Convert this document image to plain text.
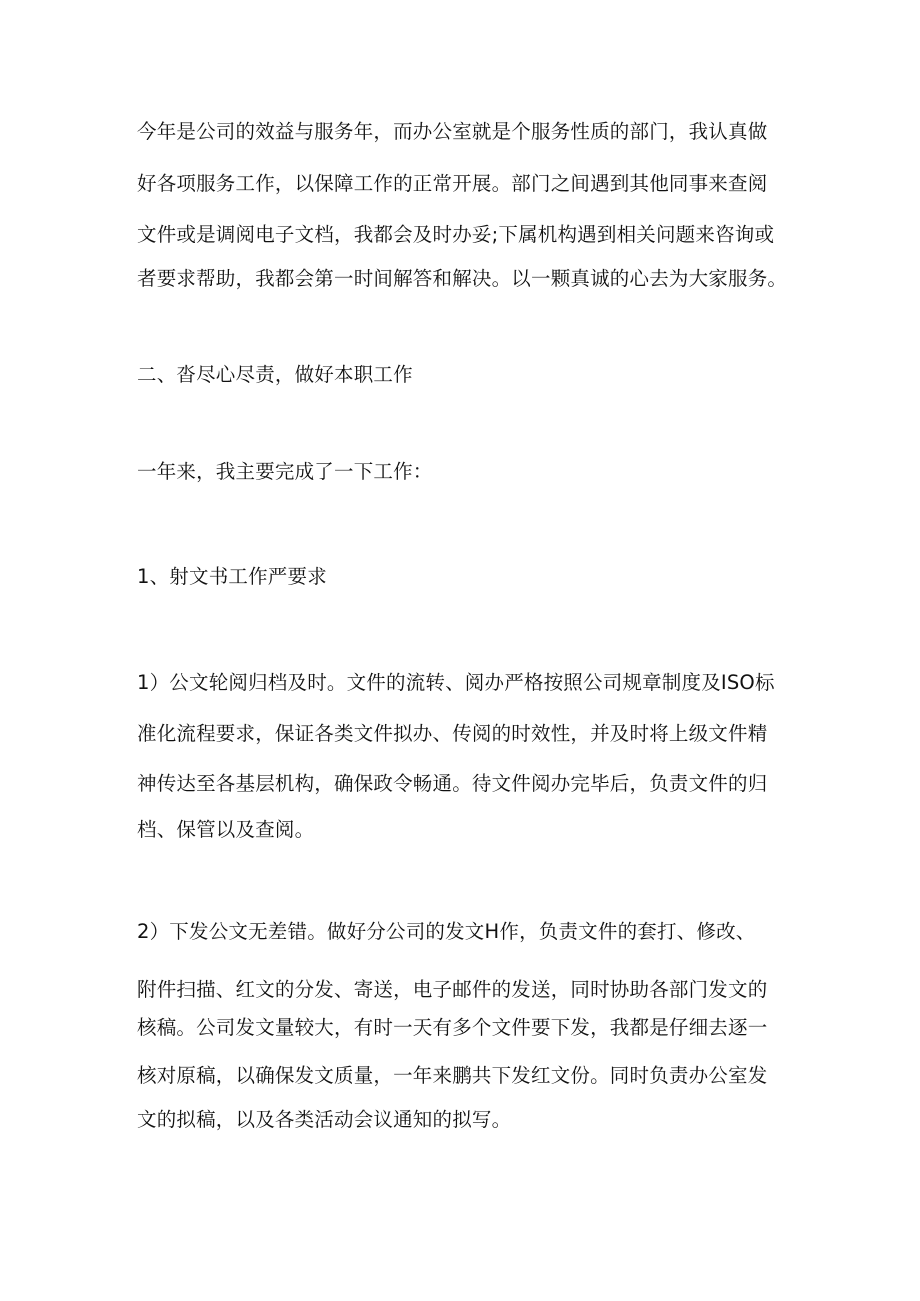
今年是公司的效益与服务年，而办公室就是个服务性质的部门，我认真做

好各项服务工作，以保障工作的正常开展。部门之间遇到其他同事来查阅

文件或是调阅电子文档，我都会及时办妥;下属机构遇到相关问题来咨询或

者要求帮助，我都会第一时间解答和解决。以一颗真诚的心去为大家服务。

二、沓尽心尽责，做好本职工作

一年来，我主要完成了一下工作：

1、射文书工作严要求

1）公文轮阅归档及时。文件的流转、阅办严格按照公司规章制度及ISO标

准化流程要求，保证各类文件拟办、传阅的时效性，并及时将上级文件精

神传达至各基层机构，确保政令畅通。待文件阅办完毕后，负责文件的归

档、保管以及查阅。

2）下发公文无差错。做好分公司的发文H作，负责文件的套打、修改、

附件扫描、红文的分发、寄送，电子邮件的发送，同时协助各部门发文的

核稿。公司发文量较大，有时一天有多个文件要下发，我都是仔细去逐一

核对原稿，以确保发文质量，一年来鹏共下发红文份。同时负责办公室发

文的拟稿，以及各类活动会议通知的拟写。
